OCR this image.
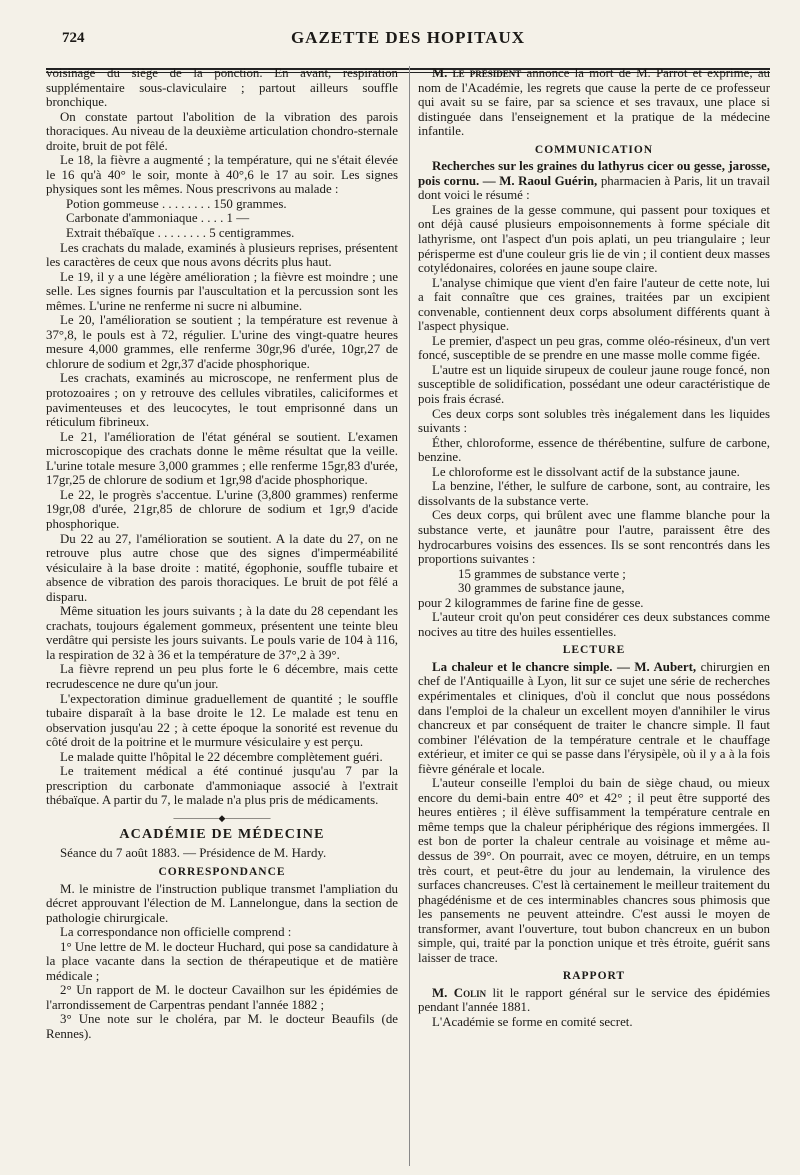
724	GAZETTE DES HOPITAUX

voisinage du siège de la ponction. En avant, respiration supplémentaire sous-claviculaire ; partout ailleurs souffle bronchique.

On constate partout l'abolition de la vibration des parois thoraciques. Au niveau de la deuxième articulation chondro-sternale droite, bruit de pot fêlé.

Le 18, la fièvre a augmenté ; la température, qui ne s'était élevée le 16 qu'à 40° le soir, monte à 40°,6 le 17 au soir. Les signes physiques sont les mêmes. Nous prescrivons au malade :

Potion gommeuse . . . . . . . . 150 grammes.

Carbonate d'ammoniaque . . . . 1 —

Extrait thébaïque . . . . . . . . 5 centigrammes.

Les crachats du malade, examinés à plusieurs reprises, présentent les caractères de ceux que nous avons décrits plus haut.

Le 19, il y a une légère amélioration ; la fièvre est moindre ; une selle. Les signes fournis par l'auscultation et la percussion sont les mêmes. L'urine ne renferme ni sucre ni albumine.

Le 20, l'amélioration se soutient ; la température est revenue à 37°,8, le pouls est à 72, régulier. L'urine des vingt-quatre heures mesure 4,000 grammes, elle renferme 30gr,96 d'urée, 10gr,27 de chlorure de sodium et 2gr,37 d'acide phosphorique.

Les crachats, examinés au microscope, ne renferment plus de protozoaires ; on y retrouve des cellules vibratiles, caliciformes et pavimenteuses et des leucocytes, le tout emprisonné dans un réticulum fibrineux.

Le 21, l'amélioration de l'état général se soutient. L'examen microscopique des crachats donne le même résultat que la veille. L'urine totale mesure 3,000 grammes ; elle renferme 15gr,83 d'urée, 17gr,25 de chlorure de sodium et 1gr,98 d'acide phosphorique.

Le 22, le progrès s'accentue. L'urine (3,800 grammes) renferme 19gr,08 d'urée, 21gr,85 de chlorure de sodium et 1gr,9 d'acide phosphorique.

Du 22 au 27, l'amélioration se soutient. A la date du 27, on ne retrouve plus autre chose que des signes d'imperméabilité vésiculaire à la base droite : matité, égophonie, souffle tubaire et absence de vibration des parois thoraciques. Le bruit de pot fêlé a disparu.

Même situation les jours suivants ; à la date du 28 cependant les crachats, toujours également gommeux, présentent une teinte bleu verdâtre qui persiste les jours suivants. Le pouls varie de 104 à 116, la respiration de 32 à 36 et la température de 37°,2 à 39°.

La fièvre reprend un peu plus forte le 6 décembre, mais cette recrudescence ne dure qu'un jour.

L'expectoration diminue graduellement de quantité ; le souffle tubaire disparaît à la base droite le 12. Le malade est tenu en observation jusqu'au 22 ; à cette époque la sonorité est revenue du côté droit de la poitrine et le murmure vésiculaire y est perçu.

Le malade quitte l'hôpital le 22 décembre complètement guéri.

Le traitement médical a été continué jusqu'au 7 par la prescription du carbonate d'ammoniaque associé à l'extrait thébaïque. A partir du 7, le malade n'a plus pris de médicaments.

—————◆—————
ACADÉMIE DE MÉDECINE

Séance du 7 août 1883. — Présidence de M. Hardy.

CORRESPONDANCE

M. le ministre de l'instruction publique transmet l'ampliation du décret approuvant l'élection de M. Lannelongue, dans la section de pathologie chirurgicale.

La correspondance non officielle comprend :

1° Une lettre de M. le docteur Huchard, qui pose sa candidature à la place vacante dans la section de thérapeutique et de matière médicale ;

2° Un rapport de M. le docteur Cavailhon sur les épidémies de l'arrondissement de Carpentras pendant l'année 1882 ;

3° Une note sur le choléra, par M. le docteur Beaufils (de Rennes).

M. le président annonce la mort de M. Parrot et exprime, au nom de l'Académie, les regrets que cause la perte de ce professeur qui avait su se faire, par sa science et ses travaux, une place si distinguée dans l'enseignement et la pratique de la médecine infantile.

COMMUNICATION

Recherches sur les graines du lathyrus cicer ou gesse, jarosse, pois cornu. — M. Raoul Guérin, pharmacien à Paris, lit un travail dont voici le résumé :

Les graines de la gesse commune, qui passent pour toxiques et ont déjà causé plusieurs empoisonnements à forme spéciale dit lathyrisme, ont l'aspect d'un pois aplati, un peu triangulaire ; leur périsperme est d'une couleur gris lie de vin ; il contient deux masses cotylédonaires, colorées en jaune soupe claire.

L'analyse chimique que vient d'en faire l'auteur de cette note, lui a fait connaître que ces graines, traitées par un excipient convenable, contiennent deux corps absolument différents quant à l'aspect physique.

Le premier, d'aspect un peu gras, comme oléo-résineux, d'un vert foncé, susceptible de se prendre en une masse molle comme figée.

L'autre est un liquide sirupeux de couleur jaune rouge foncé, non susceptible de solidification, possédant une odeur caractéristique de pois frais écrasé.

Ces deux corps sont solubles très inégalement dans les liquides suivants :

Éther, chloroforme, essence de thérébentine, sulfure de carbone, benzine.

Le chloroforme est le dissolvant actif de la substance jaune.

La benzine, l'éther, le sulfure de carbone, sont, au contraire, les dissolvants de la substance verte.

Ces deux corps, qui brûlent avec une flamme blanche pour la substance verte, et jaunâtre pour l'autre, paraissent être des hydrocarbures voisins des essences. Ils se sont rencontrés dans les proportions suivantes :

15 grammes de substance verte ;

30 grammes de substance jaune,

pour 2 kilogrammes de farine fine de gesse.

L'auteur croit qu'on peut considérer ces deux substances comme nocives au titre des huiles essentielles.

LECTURE

La chaleur et le chancre simple. — M. Aubert, chirurgien en chef de l'Antiquaille à Lyon, lit sur ce sujet une série de recherches expérimentales et cliniques, d'où il conclut que nous possédons dans l'emploi de la chaleur un excellent moyen d'annihiler le virus chancreux et par conséquent de traiter le chancre simple. Il faut combiner l'élévation de la température centrale et le chauffage extérieur, et imiter ce qui se passe dans l'érysipèle, où il y a à la fois fièvre générale et locale.

L'auteur conseille l'emploi du bain de siège chaud, ou mieux encore du demi-bain entre 40° et 42° ; il peut être supporté des heures entières ; il élève suffisamment la température centrale en même temps que la chaleur périphérique des régions immergées. Il est bon de porter la chaleur centrale au voisinage et même au-dessus de 39°. On pourrait, avec ce moyen, détruire, en un temps très court, et peut-être du jour au lendemain, la virulence des surfaces chancreuses. C'est là certainement le meilleur traitement du phagédénisme et de ces interminables chancres sous phimosis que les pansements ne peuvent atteindre. C'est aussi le moyen de transformer, avant l'ouverture, tout bubon chancreux en un bubon simple, qui, traité par la ponction unique et très étroite, guérit sans laisser de trace.

RAPPORT

M. Colin lit le rapport général sur le service des épidémies pendant l'année 1881.

L'Académie se forme en comité secret.
